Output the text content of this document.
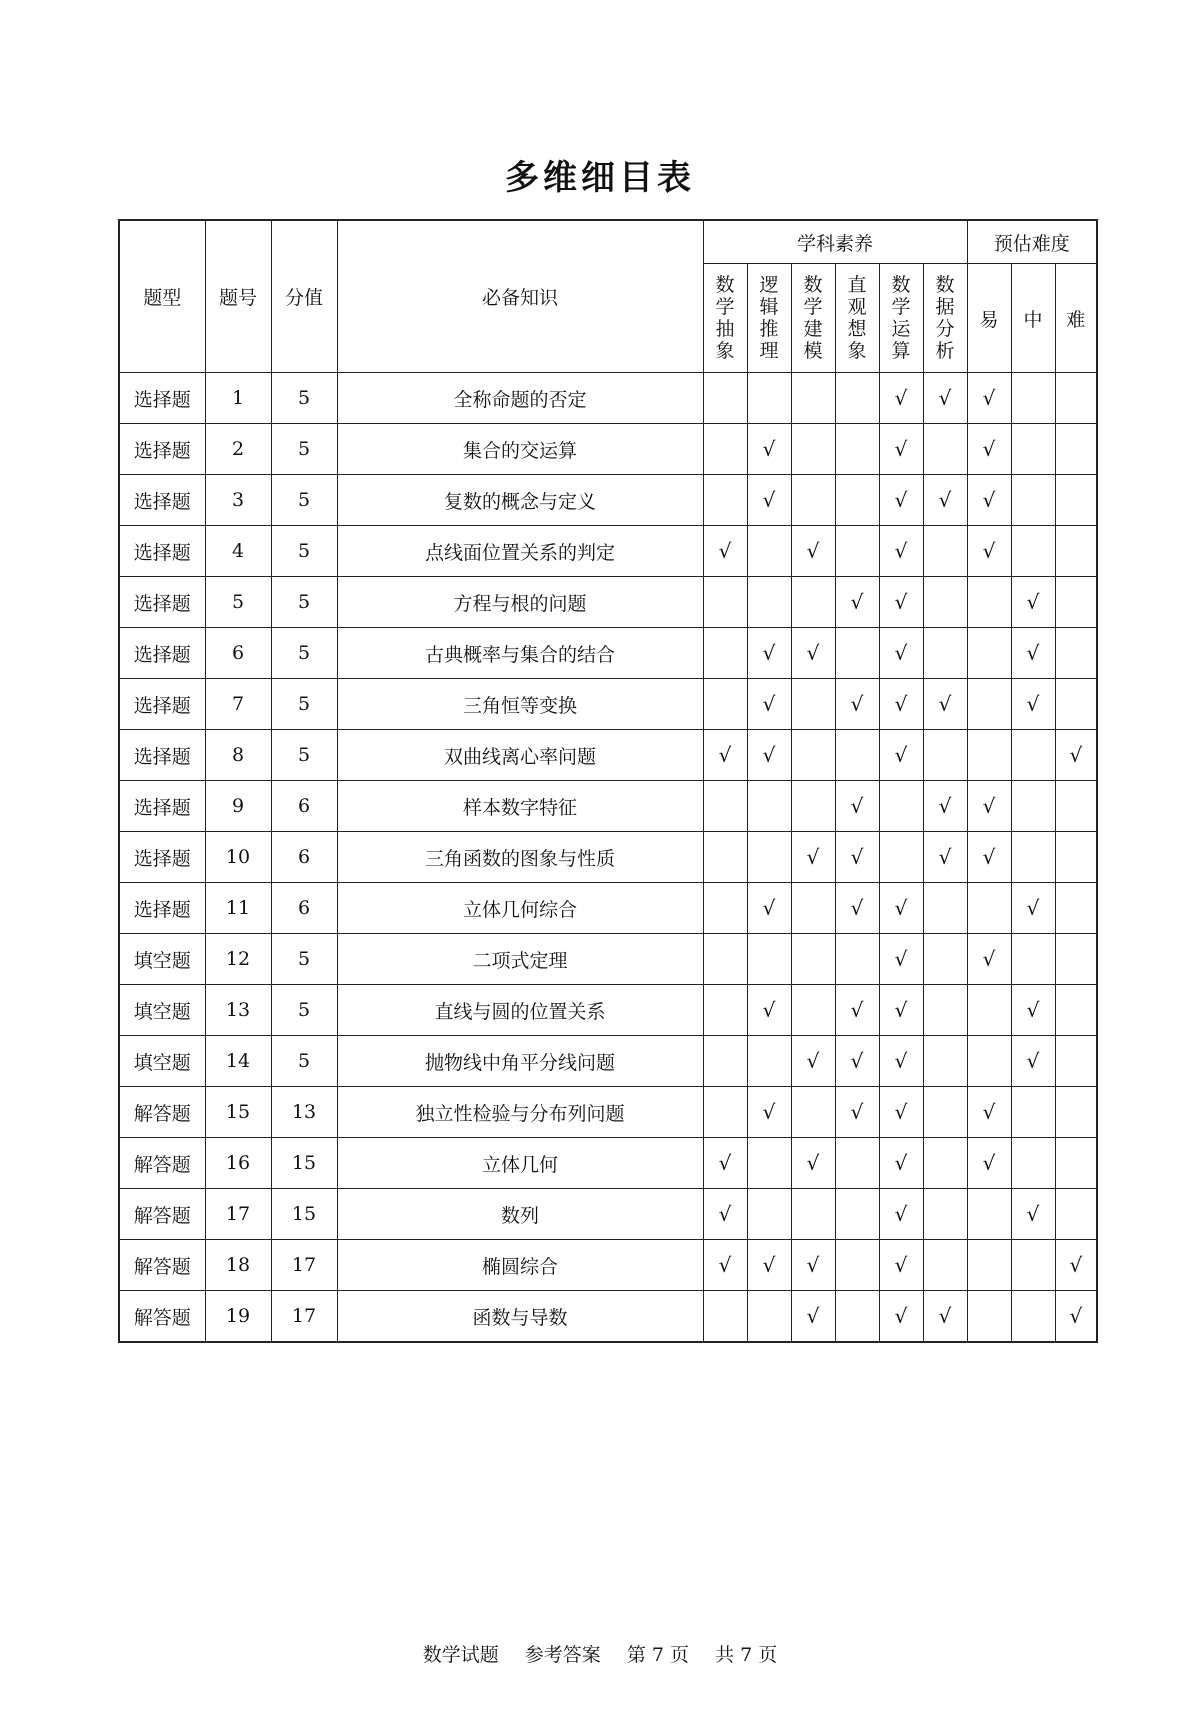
多维细目表
题型	题号	分值	必备知识	学科素养						预估难度		
				数学抽象	逻辑推理	数学建模	直观想象	数学运算	数据分析	易	中	难
选择题	1	5	全称命题的否定					√	√	√		
选择题	2	5	集合的交运算		√			√		√		
选择题	3	5	复数的概念与定义		√			√	√	√		
选择题	4	5	点线面位置关系的判定	√		√		√		√		
选择题	5	5	方程与根的问题				√	√			√	
选择题	6	5	古典概率与集合的结合		√	√		√			√	
选择题	7	5	三角恒等变换		√		√	√	√		√	
选择题	8	5	双曲线离心率问题	√	√			√				√
选择题	9	6	样本数字特征				√		√	√		
选择题	10	6	三角函数的图象与性质			√	√		√	√		
选择题	11	6	立体几何综合		√		√	√			√	
填空题	12	5	二项式定理					√		√		
填空题	13	5	直线与圆的位置关系		√		√	√			√	
填空题	14	5	抛物线中角平分线问题			√	√	√			√	
解答题	15	13	独立性检验与分布列问题		√		√	√		√		
解答题	16	15	立体几何	√		√		√		√		
解答题	17	15	数列	√				√			√	
解答题	18	17	椭圆综合	√	√	√		√				√
解答题	19	17	函数与导数			√		√	√			√
数学试题 参考答案 第 7 页 共 7 页
